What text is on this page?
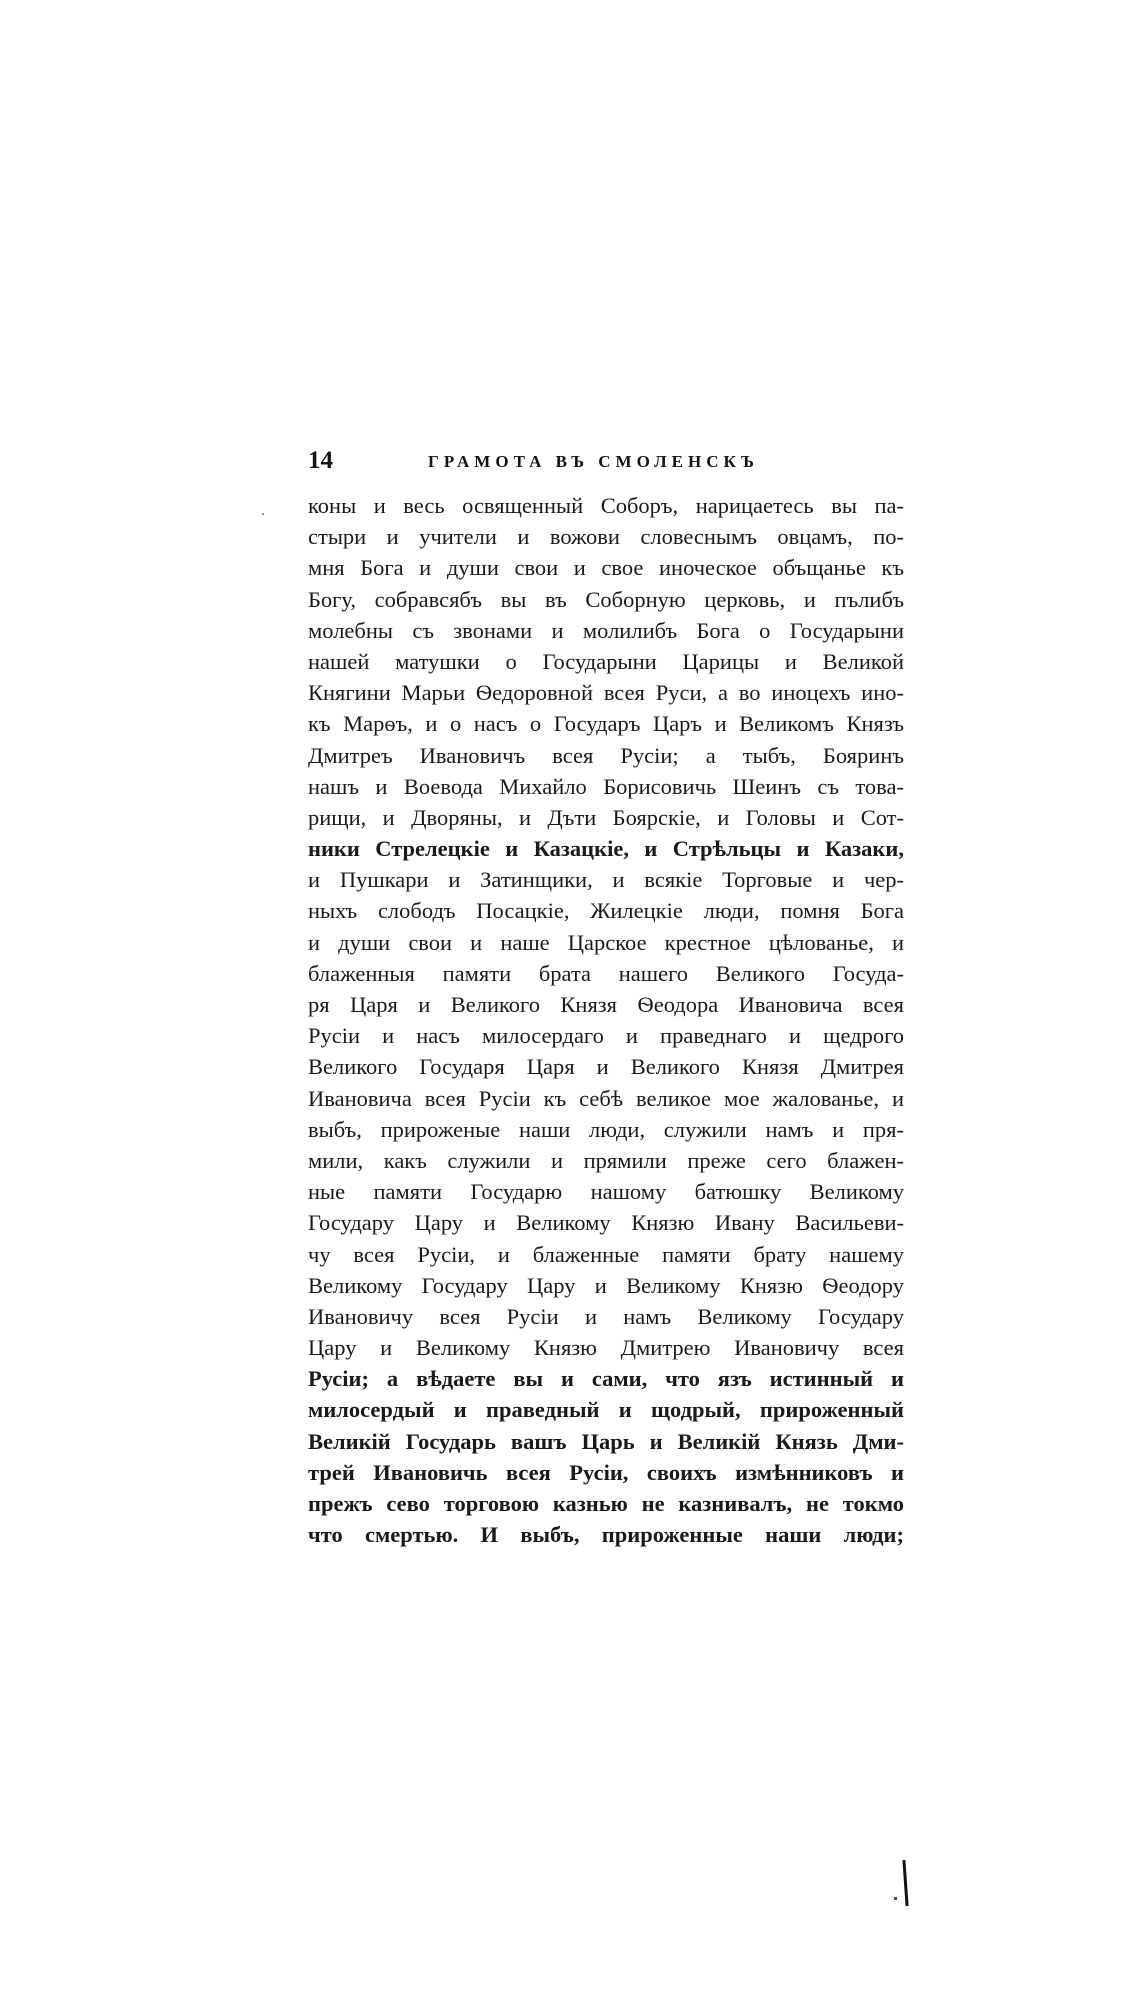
14	ГРАМОТА ВЪ СМОЛЕНСКЪ
коны и весь освященный Соборъ, нарицаетесь вы па-
стыри и учители и вожови словеснымъ овцамъ, по-
мня Бога и души свои и свое иноческое объщанье къ
Богу, собравсябъ вы въ Соборную церковь, и пълибъ
молебны съ звонами и молилибъ Бога о Государыни
нашей матушки о Государыни Царицы и Великой
Княгини Марьи Ѳедоровной всея Руси, а во иноцехъ ино-
къ Марѳъ, и о насъ о Государъ Царъ и Великомъ Князъ
Дмитреъ Ивановичъ всея Русіи; а тыбъ, Бояринъ
нашъ и Воевода Михайло Борисовичь Шеинъ съ това-
рищи, и Дворяны, и Дъти Боярскіе, и Головы и Сот-
ники Стрелецкіе и Казацкіе, и Стрѣльцы и Казаки,
и Пушкари и Затинщики, и всякіе Торговые и чер-
ныхъ слободъ Посацкіе, Жилецкіе люди, помня Бога
и души свои и наше Царское крестное цѣлованье, и
блаженныя памяти брата нашего Великого Госуда-
ря Царя и Великого Князя Ѳеодора Ивановича всея
Русіи и насъ милосердаго и праведнаго и щедрого
Великого Государя Царя и Великого Князя Дмитрея
Ивановича всея Русіи къ себѣ великое мое жалованье, и
выбъ, прироженые наши люди, служили намъ и пря-
мили, какъ служили и прямили преже сего блажен-
ные памяти Государю нашому батюшку Великому
Государу Цару и Великому Князю Ивану Васильеви-
чу всея Русіи, и блаженные памяти брату нашему
Великому Государу Цару и Великому Князю Ѳеодору
Ивановичу всея Русіи и намъ Великому Государу
Цару и Великому Князю Дмитрею Ивановичу всея
Русіи; а вѣдаете вы и сами, что язъ истинный и
милосердый и праведный и щодрый, прироженный
Великій Государь вашъ Царь и Великій Князь Дми-
трей Ивановичь всея Русіи, своихъ измѣнниковъ и
прежъ сево торговою казнью не казнивалъ, не токмо
что смертью. И выбъ, прироженные наши люди;
